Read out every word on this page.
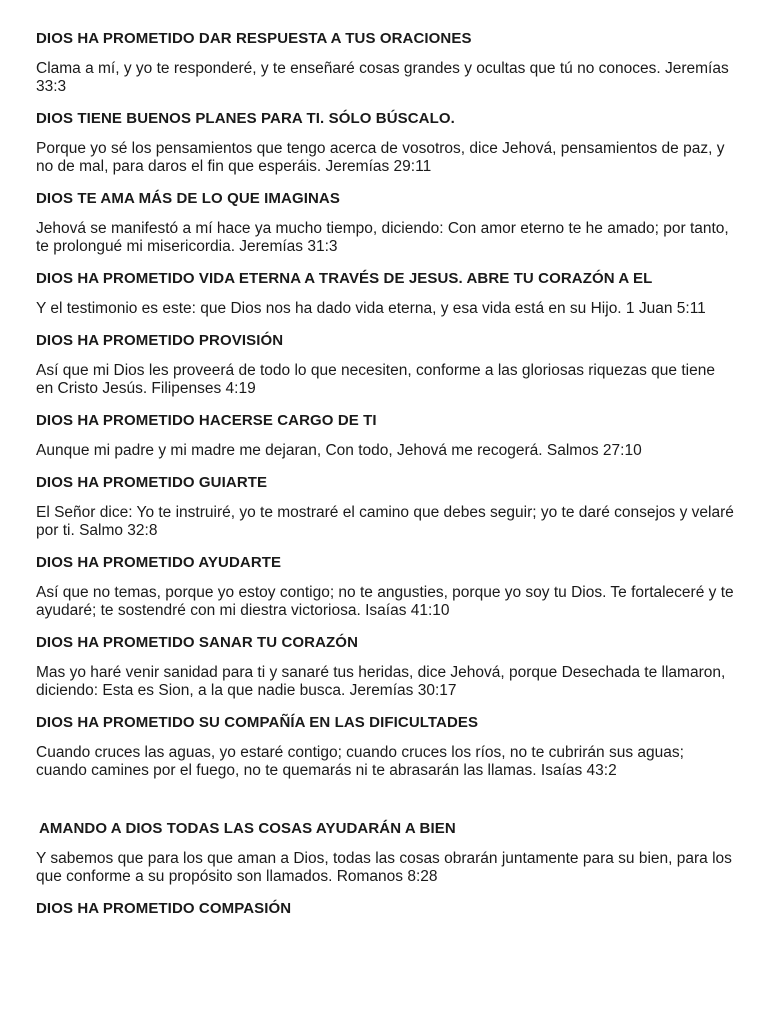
DIOS HA PROMETIDO DAR RESPUESTA A TUS ORACIONES
Clama a mí, y yo te responderé, y te enseñaré cosas grandes y ocultas que tú no conoces. Jeremías 33:3
DIOS TIENE BUENOS PLANES PARA TI. SÓLO BÚSCALO.
Porque yo sé los pensamientos que tengo acerca de vosotros, dice Jehová, pensamientos de paz, y no de mal, para daros el fin que esperáis. Jeremías 29:11
DIOS TE AMA MÁS DE LO QUE IMAGINAS
Jehová se manifestó a mí hace ya mucho tiempo, diciendo: Con amor eterno te he amado; por tanto, te prolongué mi misericordia. Jeremías 31:3
DIOS HA PROMETIDO VIDA ETERNA A TRAVÉS DE JESUS. ABRE TU CORAZÓN A EL
Y el testimonio es este: que Dios nos ha dado vida eterna, y esa vida está en su Hijo. 1 Juan 5:11
DIOS HA PROMETIDO PROVISIÓN
Así que mi Dios les proveerá de todo lo que necesiten, conforme a las gloriosas riquezas que tiene en Cristo Jesús. Filipenses 4:19
DIOS HA PROMETIDO HACERSE CARGO DE TI
Aunque mi padre y mi madre me dejaran, Con todo, Jehová me recogerá. Salmos 27:10
DIOS HA PROMETIDO GUIARTE
El Señor dice: Yo te instruiré, yo te mostraré el camino que debes seguir; yo te daré consejos y velaré por ti. Salmo 32:8
DIOS HA PROMETIDO AYUDARTE
Así que no temas, porque yo estoy contigo; no te angusties, porque yo soy tu Dios. Te fortaleceré y te ayudaré; te sostendré con mi diestra victoriosa. Isaías 41:10
DIOS HA PROMETIDO SANAR TU CORAZÓN
Mas yo haré venir sanidad para ti y sanaré tus heridas, dice Jehová, porque Desechada te llamaron, diciendo: Esta es Sion, a la que nadie busca. Jeremías 30:17
DIOS HA PROMETIDO SU COMPAÑÍA EN LAS DIFICULTADES
Cuando cruces las aguas, yo estaré contigo; cuando cruces los ríos, no te cubrirán sus aguas; cuando camines por el fuego, no te quemarás ni te abrasarán las llamas. Isaías 43:2
AMANDO A DIOS TODAS LAS COSAS AYUDARÁN A BIEN
Y sabemos que para los que aman a Dios, todas las cosas obrarán juntamente para su bien, para los que conforme a su propósito son llamados. Romanos 8:28
DIOS HA PROMETIDO COMPASIÓN
